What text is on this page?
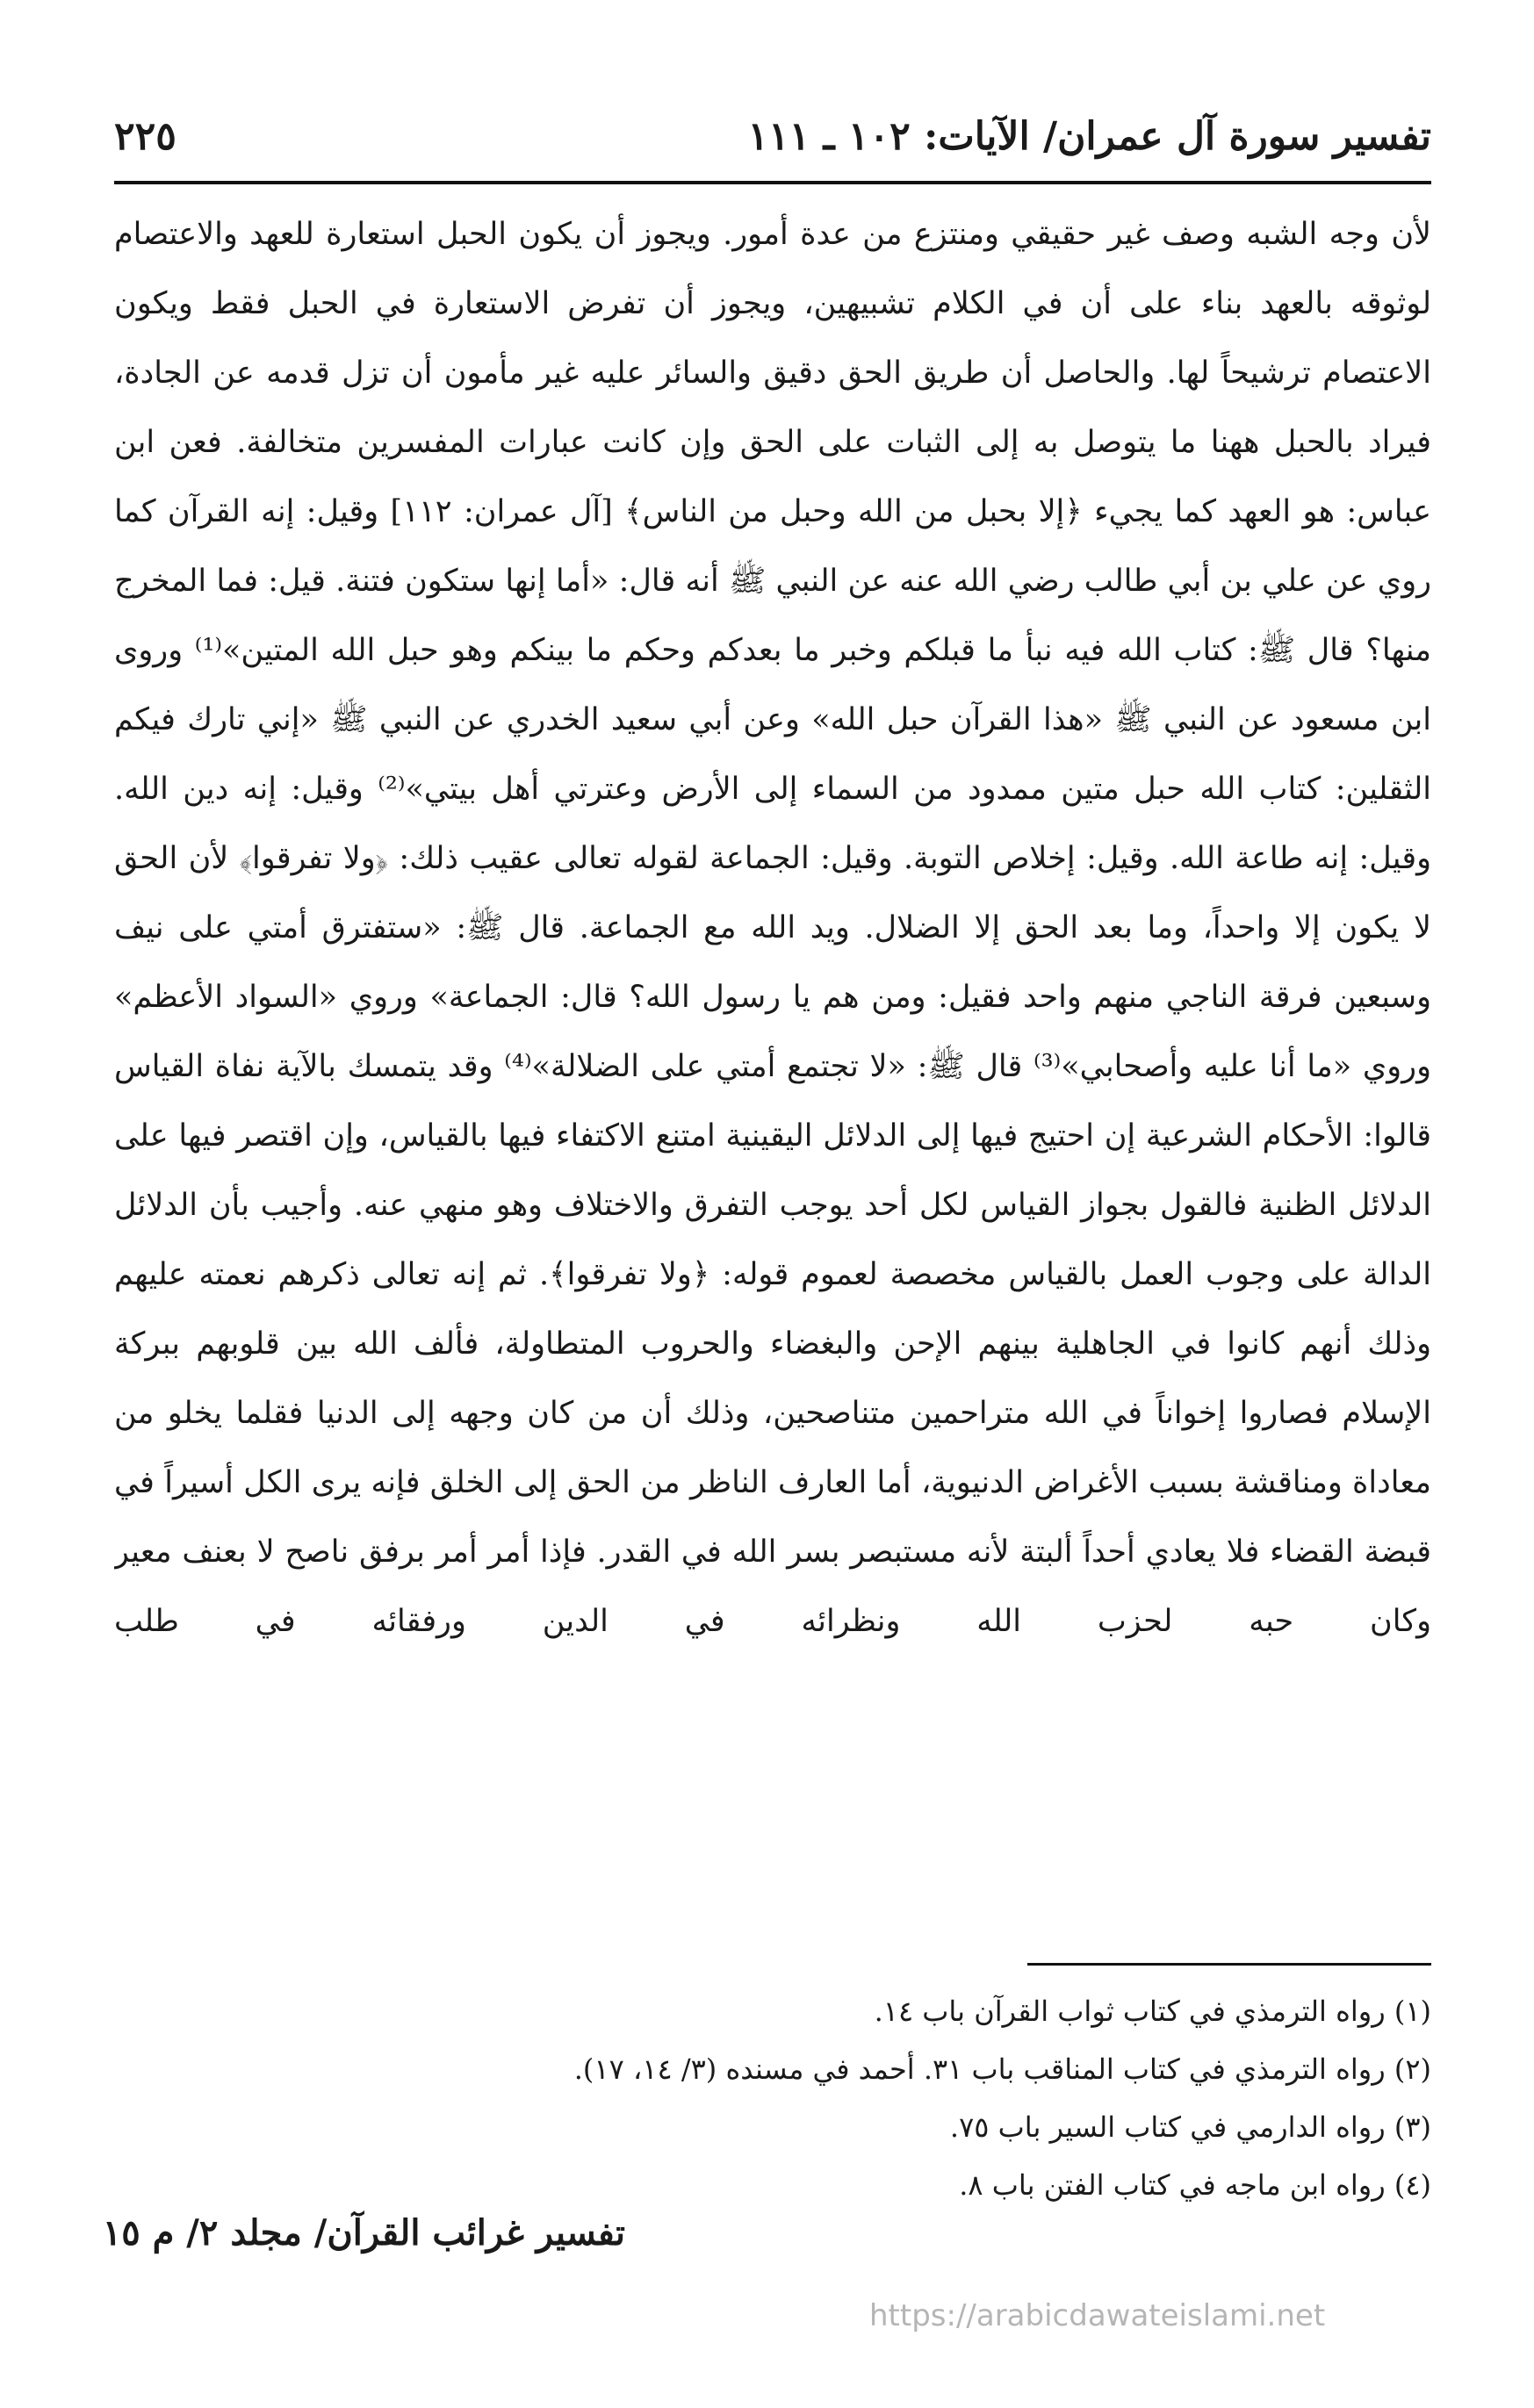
تفسير سورة آل عمران/ الآيات: ١٠٢ ـ ١١١
٢٢٥

لأن وجه الشبه وصف غير حقيقي ومنتزع من عدة أمور. ويجوز أن يكون الحبل استعارة للعهد والاعتصام لوثوقه بالعهد بناء على أن في الكلام تشبيهين، ويجوز أن تفرض الاستعارة في الحبل فقط ويكون الاعتصام ترشيحاً لها. والحاصل أن طريق الحق دقيق والسائر عليه غير مأمون أن تزل قدمه عن الجادة، فيراد بالحبل ههنا ما يتوصل به إلى الثبات على الحق وإن كانت عبارات المفسرين متخالفة. فعن ابن عباس: هو العهد كما يجيء ﴿إلا بحبل من الله وحبل من الناس﴾ [آل عمران: ١١٢] وقيل: إنه القرآن كما روي عن علي بن أبي طالب رضي الله عنه عن النبي ﷺ أنه قال: «أما إنها ستكون فتنة. قيل: فما المخرج منها؟ قال ﷺ: كتاب الله فيه نبأ ما قبلكم وخبر ما بعدكم وحكم ما بينكم وهو حبل الله المتين»⁽¹⁾ وروى ابن مسعود عن النبي ﷺ «هذا القرآن حبل الله» وعن أبي سعيد الخدري عن النبي ﷺ «إني تارك فيكم الثقلين: كتاب الله حبل متين ممدود من السماء إلى الأرض وعترتي أهل بيتي»⁽²⁾ وقيل: إنه دين الله. وقيل: إنه طاعة الله. وقيل: إخلاص التوبة. وقيل: الجماعة لقوله تعالى عقيب ذلك: ﴿ولا تفرقوا﴾ لأن الحق لا يكون إلا واحداً، وما بعد الحق إلا الضلال. ويد الله مع الجماعة. قال ﷺ: «ستفترق أمتي على نيف وسبعين فرقة الناجي منهم واحد فقيل: ومن هم يا رسول الله؟ قال: الجماعة» وروي «السواد الأعظم» وروي «ما أنا عليه وأصحابي»⁽³⁾ قال ﷺ: «لا تجتمع أمتي على الضلالة»⁽⁴⁾ وقد يتمسك بالآية نفاة القياس قالوا: الأحكام الشرعية إن احتيج فيها إلى الدلائل اليقينية امتنع الاكتفاء فيها بالقياس، وإن اقتصر فيها على الدلائل الظنية فالقول بجواز القياس لكل أحد يوجب التفرق والاختلاف وهو منهي عنه. وأجيب بأن الدلائل الدالة على وجوب العمل بالقياس مخصصة لعموم قوله: ﴿ولا تفرقوا﴾. ثم إنه تعالى ذكرهم نعمته عليهم وذلك أنهم كانوا في الجاهلية بينهم الإحن والبغضاء والحروب المتطاولة، فألف الله بين قلوبهم ببركة الإسلام فصاروا إخواناً في الله متراحمين متناصحين، وذلك أن من كان وجهه إلى الدنيا فقلما يخلو من معاداة ومناقشة بسبب الأغراض الدنيوية، أما العارف الناظر من الحق إلى الخلق فإنه يرى الكل أسيراً في قبضة القضاء فلا يعادي أحداً ألبتة لأنه مستبصر بسر الله في القدر. فإذا أمر أمر برفق ناصح لا بعنف معير وكان حبه لحزب الله ونظرائه في الدين ورفقائه في طلب

(١) رواه الترمذي في كتاب ثواب القرآن باب ١٤.

(٢) رواه الترمذي في كتاب المناقب باب ٣١. أحمد في مسنده (٣/ ١٤، ١٧).

(٣) رواه الدارمي في كتاب السير باب ٧٥.

(٤) رواه ابن ماجه في كتاب الفتن باب ٨.

تفسير غرائب القرآن/ مجلد ٢/ م ١٥
https://arabicdawateislami.net
